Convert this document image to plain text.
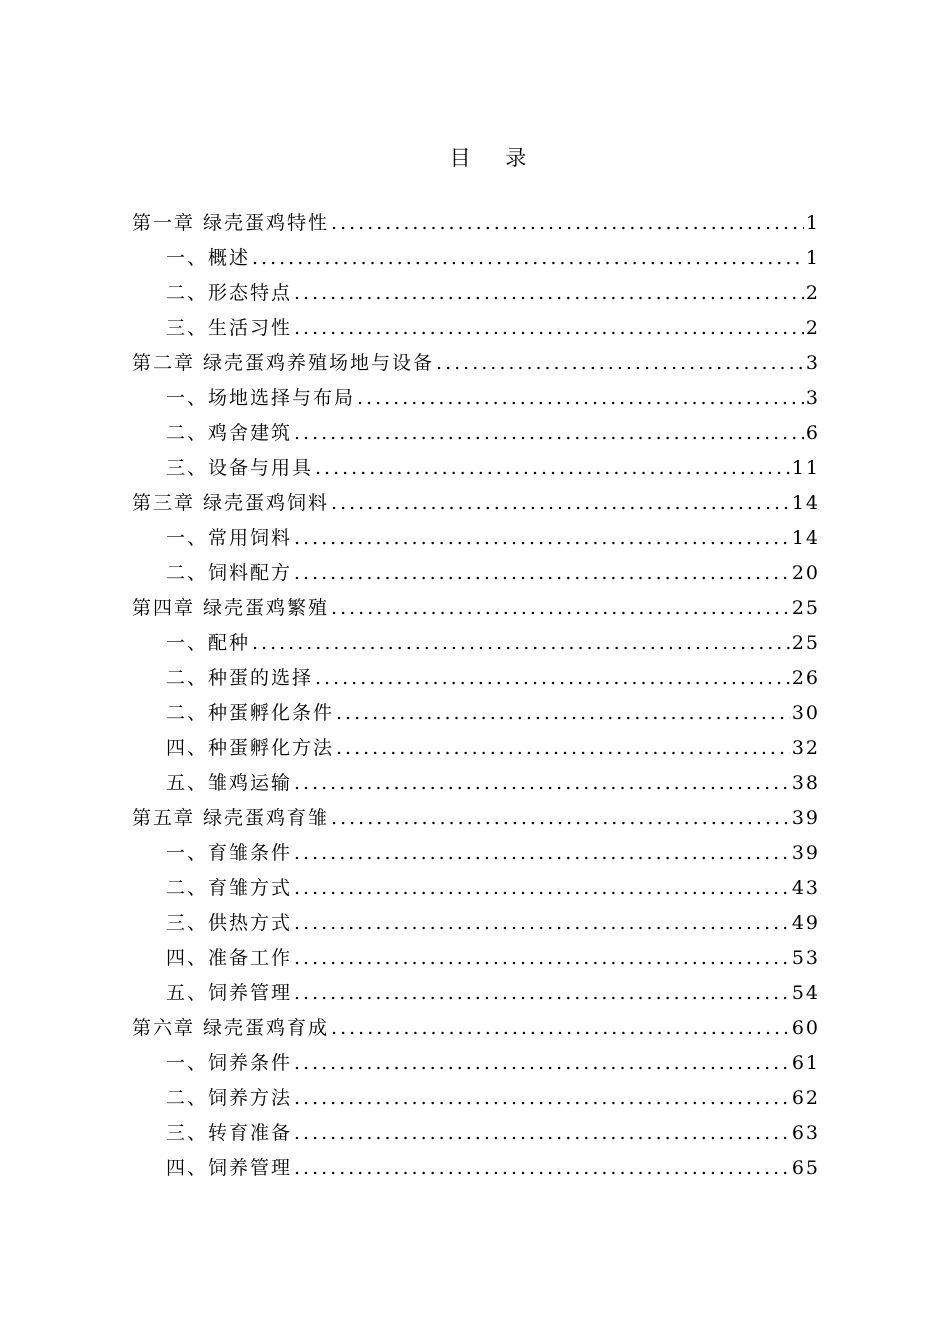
目 录
第一章 绿壳蛋鸡特性 .....	1
一、概述 .....	1
二、形态特点 .....	2
三、生活习性 .....	2
第二章 绿壳蛋鸡养殖场地与设备 .....	3
一、场地选择与布局 .....	3
二、鸡舍建筑 .....	6
三、设备与用具 .....	11
第三章 绿壳蛋鸡饲料 .....	14
一、常用饲料 .....	14
二、饲料配方 .....	20
第四章 绿壳蛋鸡繁殖 .....	25
一、配种 .....	25
二、种蛋的选择 .....	26
二、种蛋孵化条件 .....	30
四、种蛋孵化方法 .....	32
五、雏鸡运输 .....	38
第五章 绿壳蛋鸡育雏 .....	39
一、育雏条件 .....	39
二、育雏方式 .....	43
三、供热方式 .....	49
四、准备工作 .....	53
五、饲养管理 .....	54
第六章 绿壳蛋鸡育成 .....	60
一、饲养条件 .....	61
二、饲养方法 .....	62
三、转育准备 .....	63
四、饲养管理 .....	65
